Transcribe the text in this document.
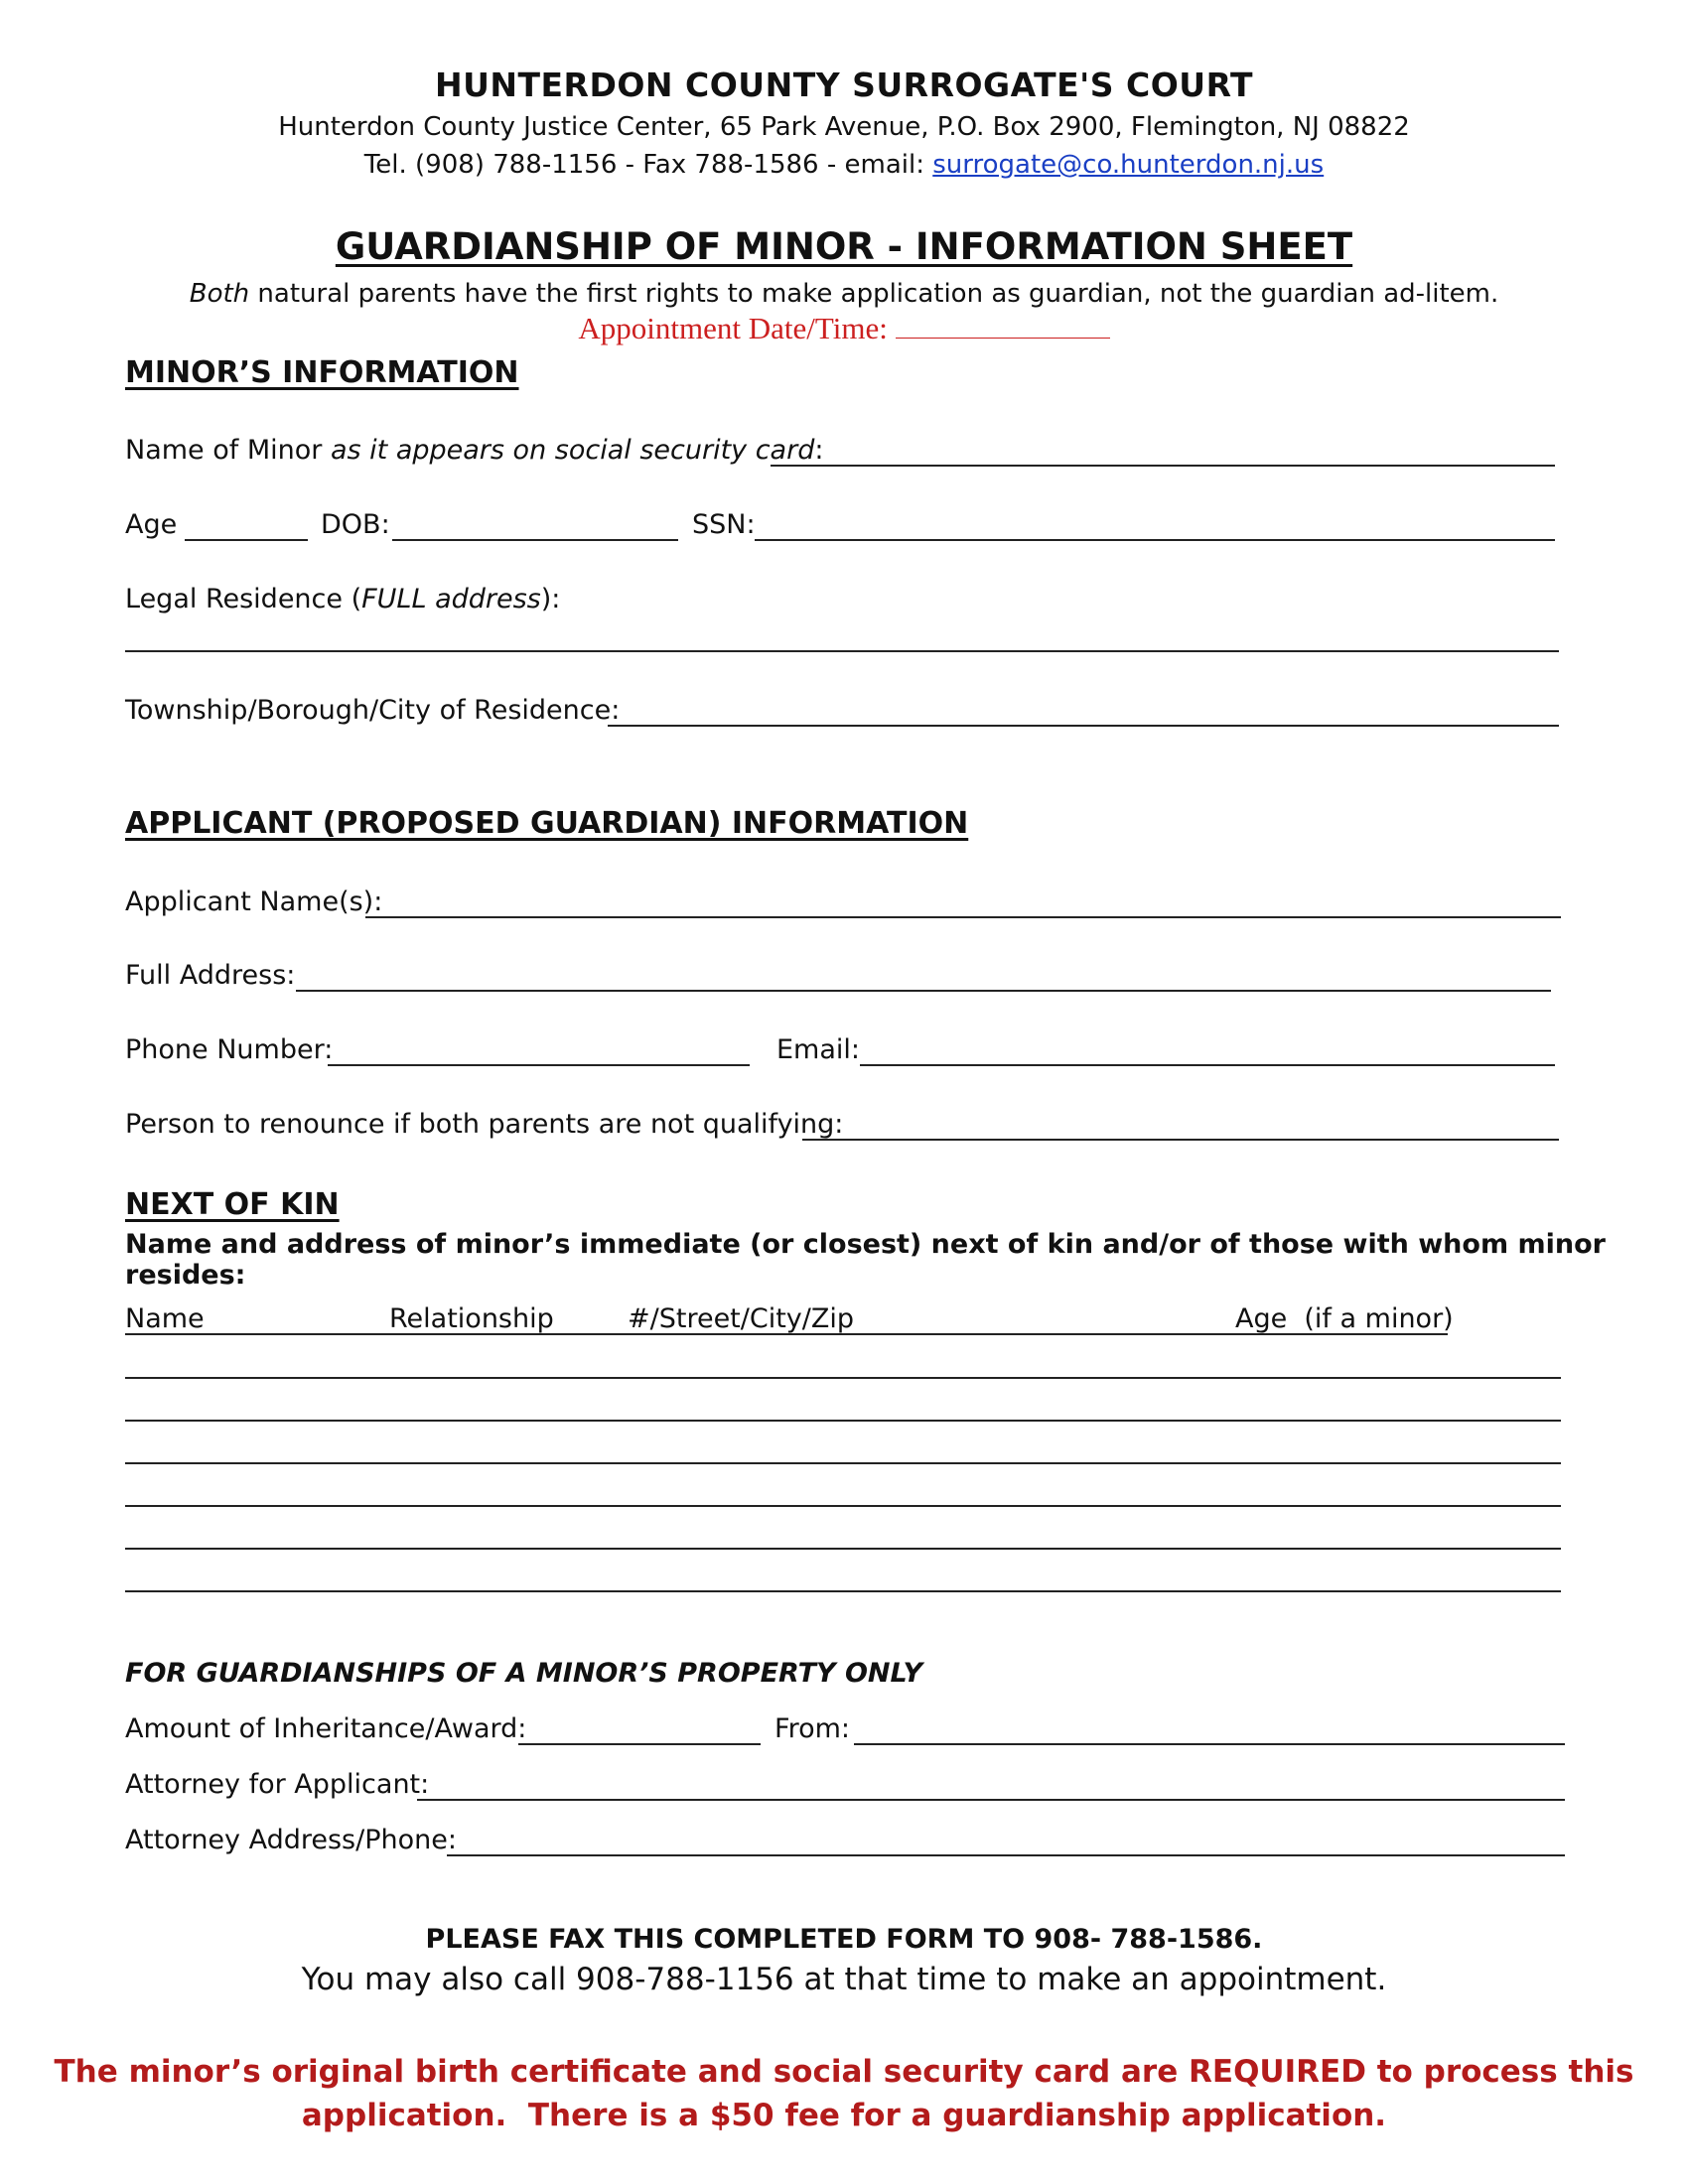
HUNTERDON COUNTY SURROGATE'S COURT
Hunterdon County Justice Center, 65 Park Avenue, P.O. Box 2900, Flemington, NJ 08822
Tel. (908) 788-1156 - Fax 788-1586 - email: surrogate@co.hunterdon.nj.us
GUARDIANSHIP OF MINOR - INFORMATION SHEET
Both natural parents have the first rights to make application as guardian, not the guardian ad-litem.
Appointment Date/Time:
MINOR’S INFORMATION
Name of Minor as it appears on social security card:
Age	DOB:	SSN:
Legal Residence (FULL address):
Township/Borough/City of Residence:
APPLICANT (PROPOSED GUARDIAN) INFORMATION
Applicant Name(s):
Full Address:
Phone Number:	Email:
Person to renounce if both parents are not qualifying:
NEXT OF KIN
Name and address of minor’s immediate (or closest) next of kin and/or of those with whom minor resides:
Name	Relationship	#/Street/City/Zip	Age  (if a minor)
FOR GUARDIANSHIPS OF A MINOR’S PROPERTY ONLY
Amount of Inheritance/Award:	From:
Attorney for Applicant:
Attorney Address/Phone:
PLEASE FAX THIS COMPLETED FORM TO 908- 788-1586.
You may also call 908-788-1156 at that time to make an appointment.
The minor’s original birth certificate and social security card are REQUIRED to process this
application.  There is a $50 fee for a guardianship application.
